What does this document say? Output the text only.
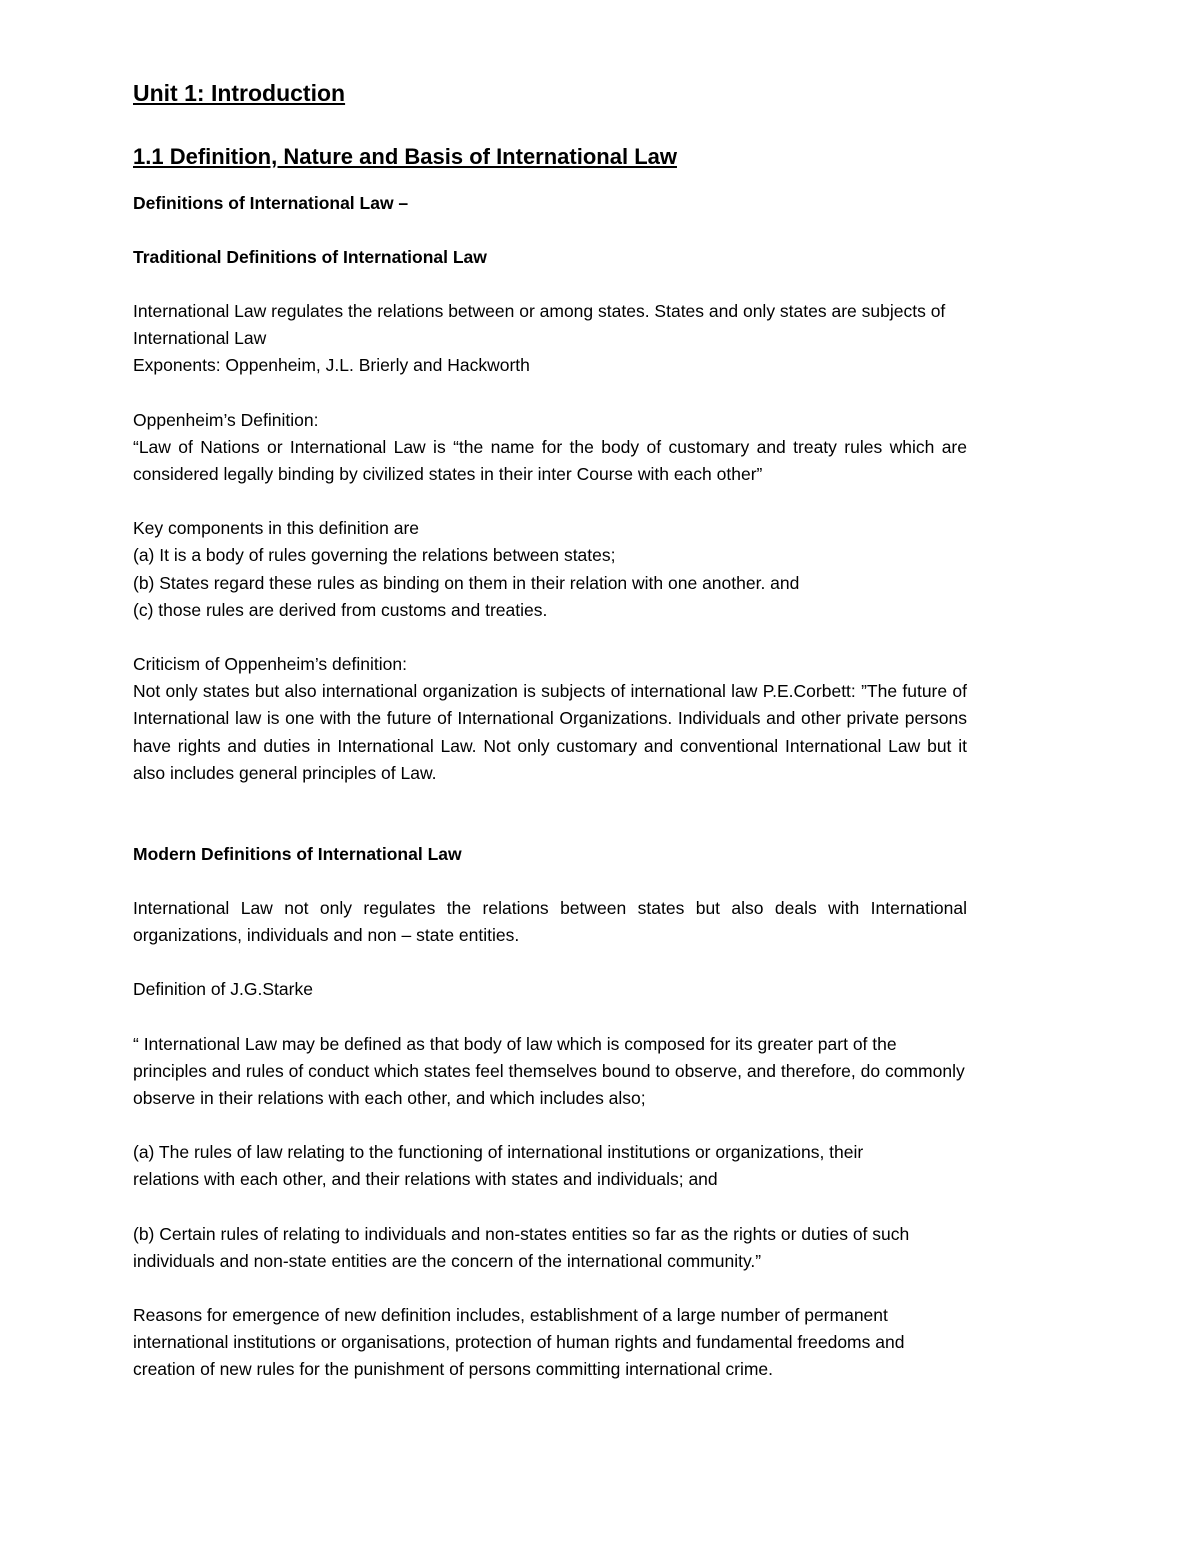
Unit 1: Introduction
1.1 Definition, Nature and Basis of International Law
Definitions of International Law –
Traditional Definitions of International Law
International Law regulates the relations between or among states. States and only states are subjects of International Law
Exponents: Oppenheim, J.L. Brierly and Hackworth
Oppenheim’s Definition:
“Law of Nations or International Law is “the name for the body of customary and treaty rules which are considered legally binding by civilized states in their inter Course with each other”
Key components in this definition are
(a) It is a body of rules governing the relations between states;
(b) States regard these rules as binding on them in their relation with one another. and
(c) those rules are derived from customs and treaties.
Criticism of Oppenheim’s definition:
Not only states but also international organization is subjects of international law P.E.Corbett: ”The future of International law is one with the future of International Organizations. Individuals and other private persons have rights and duties in International Law. Not only customary and conventional International Law but it also includes general principles of Law.
Modern Definitions of International Law
International Law not only regulates the relations between states but also deals with International organizations, individuals and non – state entities.
Definition of J.G.Starke
“ International Law may be defined as that body of law which is composed for its greater part of the principles and rules of conduct which states feel themselves bound to observe, and therefore, do commonly observe in their relations with each other, and which includes also;
(a) The rules of law relating to the functioning of international institutions or organizations, their relations with each other, and their relations with states and individuals; and
(b) Certain rules of relating to individuals and non-states entities so far as the rights or duties of such individuals and non-state entities are the concern of the international community.”
Reasons for emergence of new definition includes, establishment of a large number of permanent international institutions or organisations, protection of human rights and fundamental freedoms and creation of new rules for the punishment of persons committing international crime.
